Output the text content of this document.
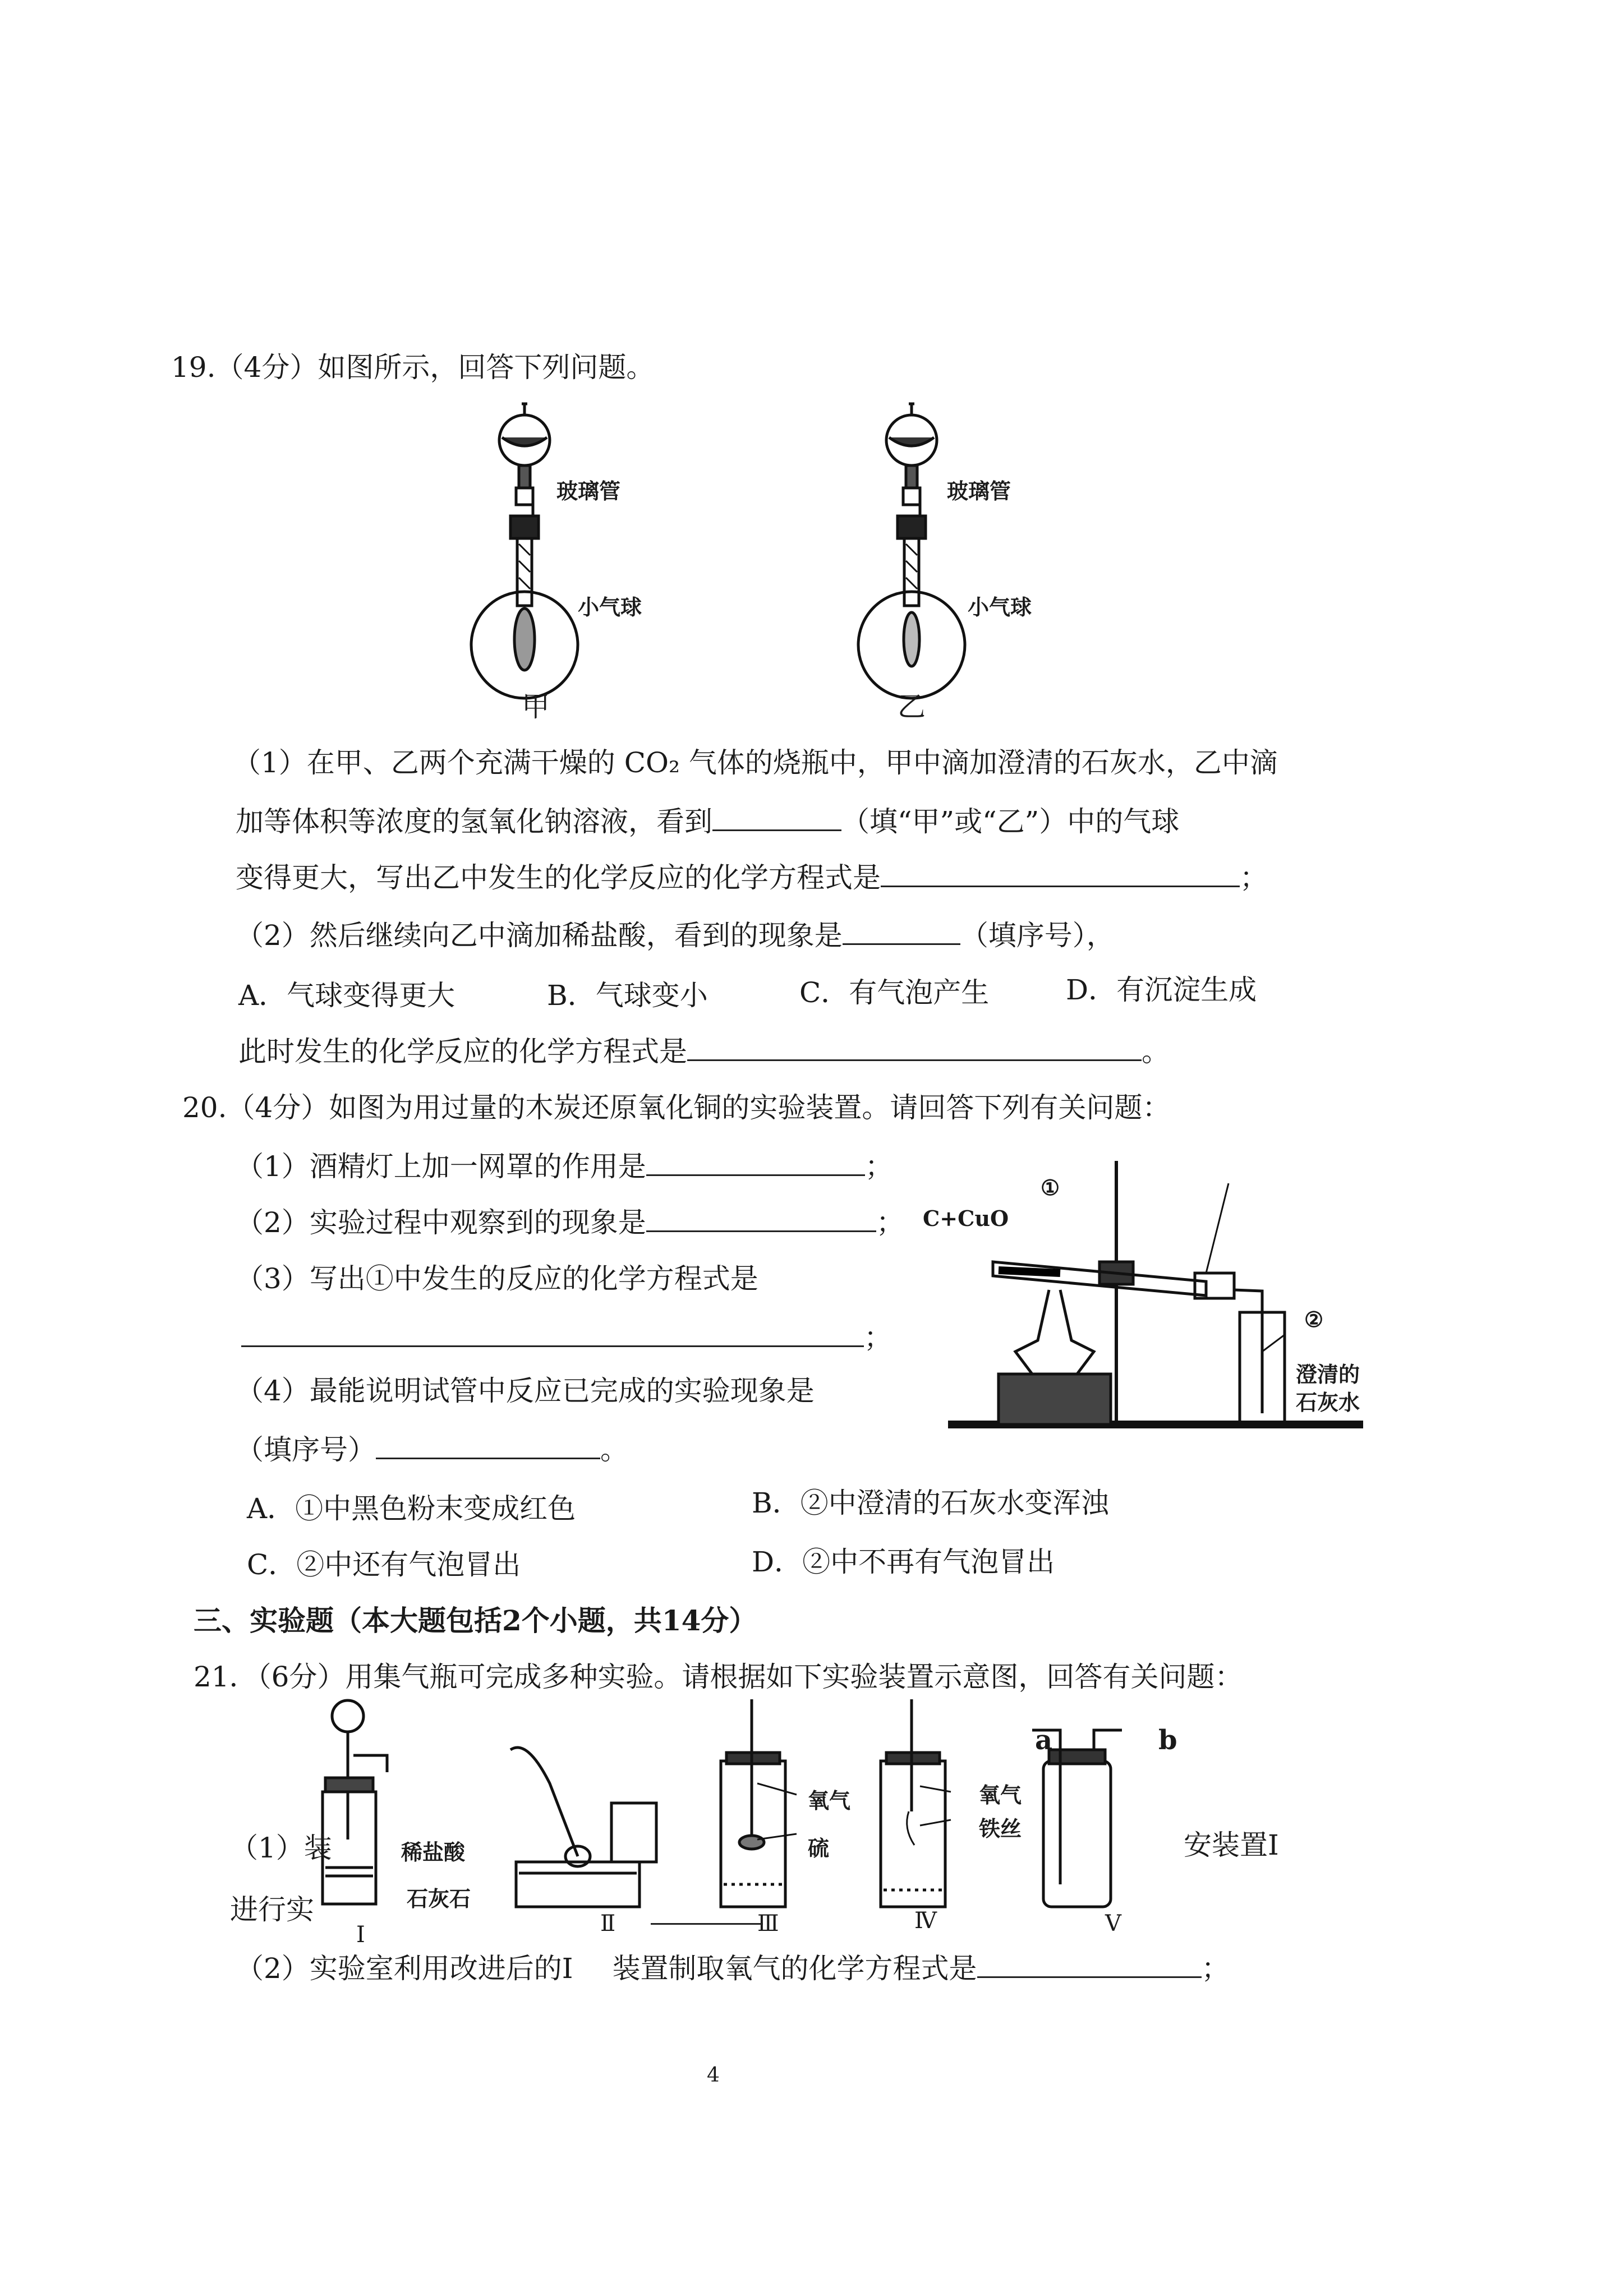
19.（4分）如图所示，回答下列问题。
玻璃管
小气球
甲
玻璃管
小气球
乙
（1）在甲、乙两个充满干燥的 CO₂ 气体的烧瓶中，甲中滴加澄清的石灰水，乙中滴
加等体积等浓度的氢氧化钠溶液，看到	（填“甲”或“乙”）中的气球
变得更大，写出乙中发生的化学反应的化学方程式是	；
（2）然后继续向乙中滴加稀盐酸，看到的现象是	（填序号），
A．气球变得更大	B．气球变小	C．有气泡产生	D．有沉淀生成
此时发生的化学反应的化学方程式是	。
20.（4分）如图为用过量的木炭还原氧化铜的实验装置。请回答下列有关问题：
（1）酒精灯上加一网罩的作用是	；
（2）实验过程中观察到的现象是	；
（3）写出①中发生的反应的化学方程式是
；
（4）最能说明试管中反应已完成的实验现象是
（填序号）	。
A．①中黑色粉末变成红色	B．②中澄清的石灰水变浑浊
C．②中还有气泡冒出	D．②中不再有气泡冒出
C+CuO
①
②
澄清的
石灰水
三、实验题（本大题包括2个小题，共14分）
21．（6分）用集气瓶可完成多种实验。请根据如下实验装置示意图，回答有关问题：
稀盐酸
石灰石
氧气
硫
氧气
铁丝
a	b
Ⅰ	Ⅱ	Ⅲ	Ⅳ	Ⅴ
（1）装	安装置Ⅰ
进行实
（2）实验室利用改进后的Ⅰ 装置制取氧气的化学方程式是	；
4
